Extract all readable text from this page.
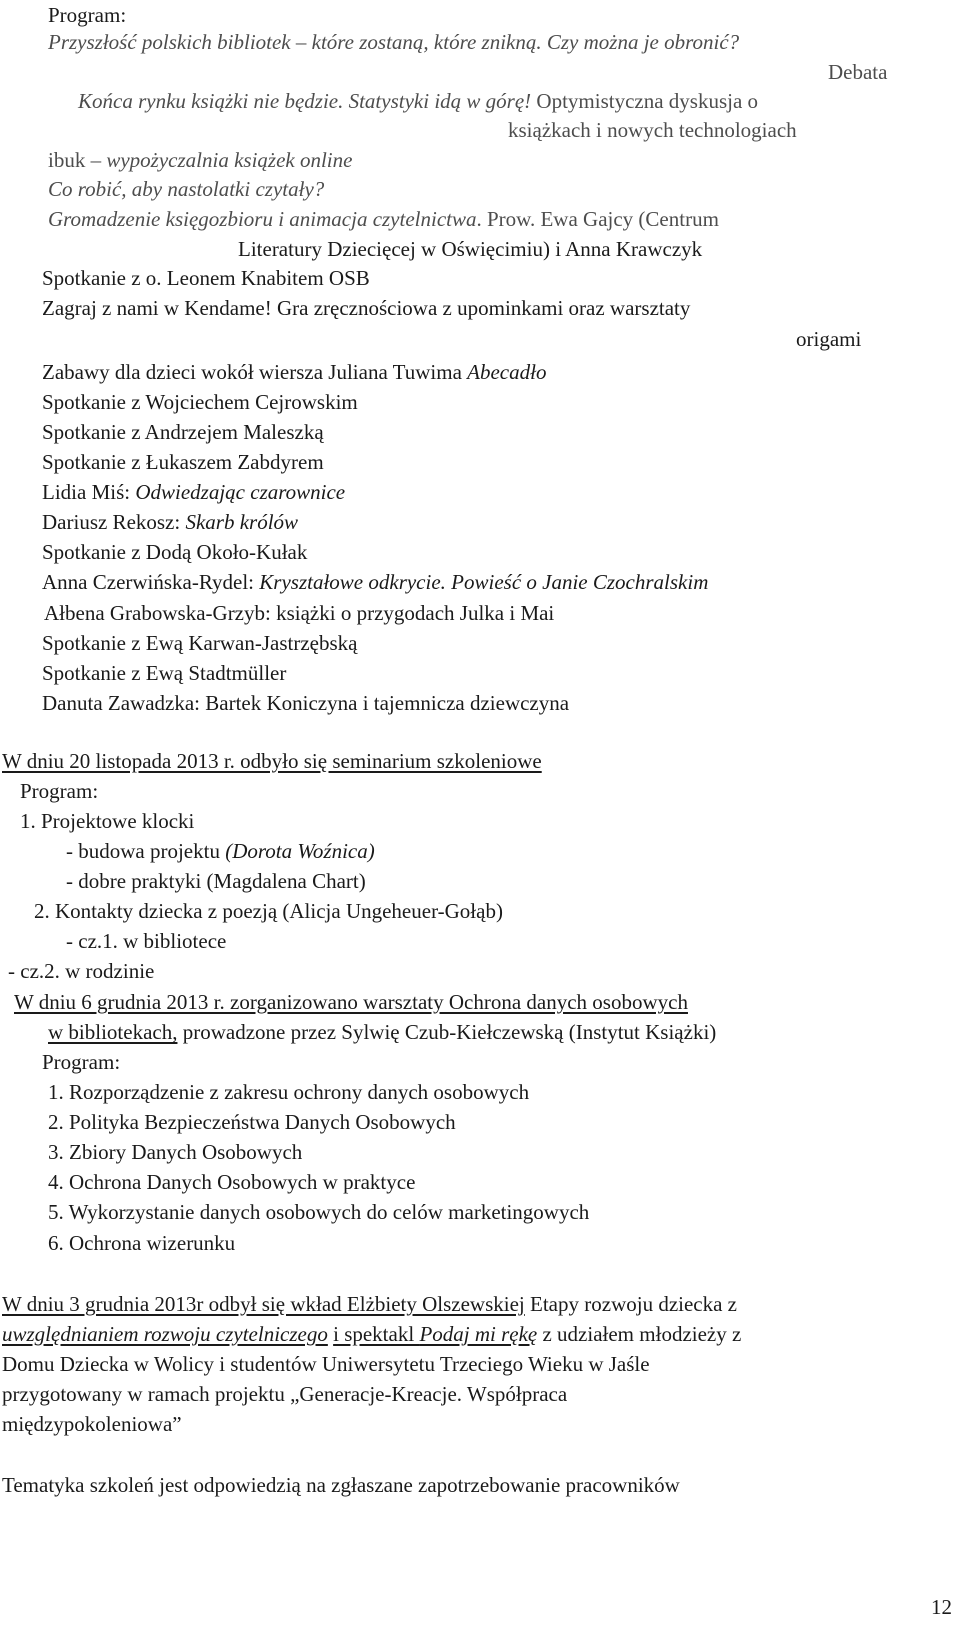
Program:
Przyszłość polskich bibliotek – które zostaną, które znikną. Czy można je obronić?
Debata
Końca rynku książki nie będzie. Statystyki idą w górę! Optymistyczna dyskusja o
książkach i nowych technologiach
ibuk – wypożyczalnia książek online
Co robić, aby nastolatki czytały?
Gromadzenie księgozbioru i animacja czytelnictwa. Prow. Ewa Gajcy (Centrum
Literatury Dziecięcej w Oświęcimiu) i Anna Krawczyk
Spotkanie z o. Leonem Knabitem OSB
Zagraj z nami w Kendame! Gra zręcznościowa z upominkami oraz warsztaty
origami
Zabawy dla dzieci wokół wiersza Juliana Tuwima Abecadło
Spotkanie z Wojciechem Cejrowskim
Spotkanie z Andrzejem Maleszką
Spotkanie z Łukaszem Zabdyrem
Lidia Miś: Odwiedzając czarownice
Dariusz Rekosz: Skarb królów
Spotkanie z Dodą Około-Kułak
Anna Czerwińska-Rydel: Kryształowe odkrycie. Powieść o Janie Czochralskim
Ałbena Grabowska-Grzyb: książki o przygodach Julka i Mai
Spotkanie z Ewą Karwan-Jastrzębską
Spotkanie z Ewą Stadtmüller
Danuta Zawadzka: Bartek Koniczyna i tajemnicza dziewczyna
W dniu 20 listopada 2013 r. odbyło się seminarium szkoleniowe
Program:
1. Projektowe klocki
- budowa projektu (Dorota Woźnica)
- dobre praktyki (Magdalena Chart)
2. Kontakty dziecka z poezją (Alicja Ungeheuer-Gołąb)
- cz.1. w bibliotece
- cz.2. w rodzinie
W dniu 6 grudnia 2013 r. zorganizowano warsztaty Ochrona danych osobowych
w bibliotekach, prowadzone przez Sylwię Czub-Kiełczewską (Instytut Książki)
Program:
1. Rozporządzenie z zakresu ochrony danych osobowych
2. Polityka Bezpieczeństwa Danych Osobowych
3. Zbiory Danych Osobowych
4. Ochrona Danych Osobowych w praktyce
5. Wykorzystanie danych osobowych do celów marketingowych
6. Ochrona wizerunku
W dniu 3 grudnia 2013r odbył się wkład Elżbiety Olszewskiej Etapy rozwoju dziecka z
uwzględnianiem rozwoju czytelniczego i spektakl Podaj mi rękę z udziałem młodzieży z
Domu Dziecka w Wolicy i studentów Uniwersytetu Trzeciego Wieku w Jaśle
przygotowany w ramach projektu „Generacje-Kreacje. Współpraca
międzypokoleniowa”
Tematyka szkoleń jest odpowiedzią na zgłaszane zapotrzebowanie pracowników
12
